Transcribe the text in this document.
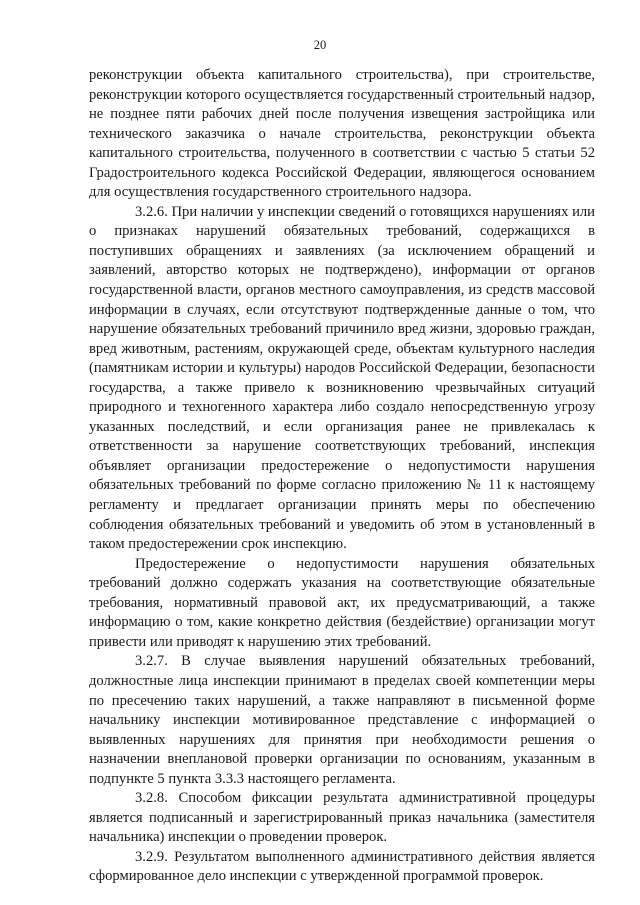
20

реконструкции объекта капитального строительства), при строительстве, реконструкции которого осуществляется государственный строительный надзор, не позднее пяти рабочих дней после получения извещения застройщика или технического заказчика о начале строительства, реконструкции объекта капитального строительства, полученного в соответствии с частью 5 статьи 52 Градостроительного кодекса Российской Федерации, являющегося основанием для осуществления государственного строительного надзора.

3.2.6. При наличии у инспекции сведений о готовящихся нарушениях или о признаках нарушений обязательных требований, содержащихся в поступивших обращениях и заявлениях (за исключением обращений и заявлений, авторство которых не подтверждено), информации от органов государственной власти, органов местного самоуправления, из средств массовой информации в случаях, если отсутствуют подтвержденные данные о том, что нарушение обязательных требований причинило вред жизни, здоровью граждан, вред животным, растениям, окружающей среде, объектам культурного наследия (памятникам истории и культуры) народов Российской Федерации, безопасности государства, а также привело к возникновению чрезвычайных ситуаций природного и техногенного характера либо создало непосредственную угрозу указанных последствий, и если организация ранее не привлекалась к ответственности за нарушение соответствующих требований, инспекция объявляет организации предостережение о недопустимости нарушения обязательных требований по форме согласно приложению № 11 к настоящему регламенту и предлагает организации принять меры по обеспечению соблюдения обязательных требований и уведомить об этом в установленный в таком предостережении срок инспекцию.

Предостережение о недопустимости нарушения обязательных требований должно содержать указания на соответствующие обязательные требования, нормативный правовой акт, их предусматривающий, а также информацию о том, какие конкретно действия (бездействие) организации могут привести или приводят к нарушению этих требований.

3.2.7. В случае выявления нарушений обязательных требований, должностные лица инспекции принимают в пределах своей компетенции меры по пресечению таких нарушений, а также направляют в письменной форме начальнику инспекции мотивированное представление с информацией о выявленных нарушениях для принятия при необходимости решения о назначении внеплановой проверки организации по основаниям, указанным в подпункте 5 пункта 3.3.3 настоящего регламента.

3.2.8. Способом фиксации результата административной процедуры является подписанный и зарегистрированный приказ начальника (заместителя начальника) инспекции о проведении проверок.

3.2.9. Результатом выполненного административного действия является сформированное дело инспекции с утвержденной программой проверок.
